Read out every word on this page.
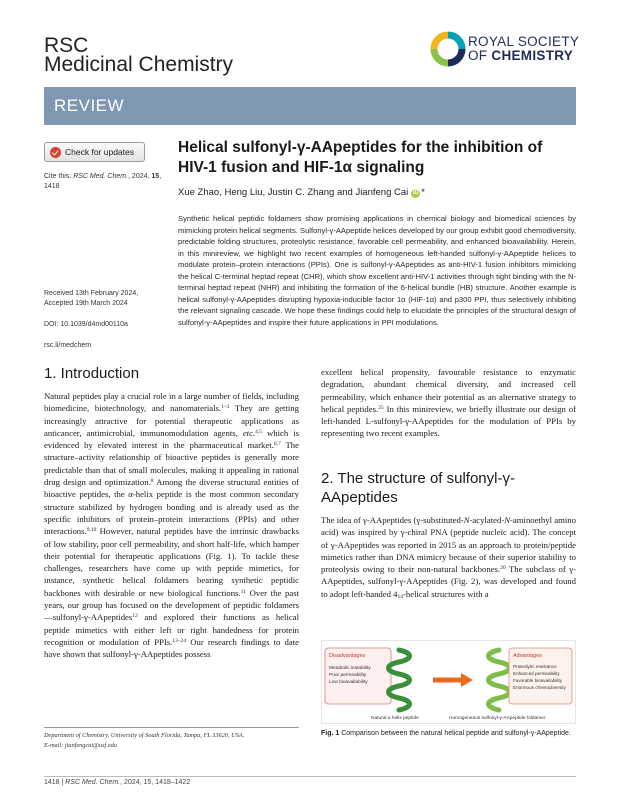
RSC
Medicinal Chemistry
ROYAL SOCIETY
OF CHEMISTRY
REVIEW
Check for updates
Cite this: RSC Med. Chem., 2024, 15, 1418
Received 13th February 2024,
Accepted 19th March 2024
DOI: 10.1039/d4md00110a
rsc.li/medchem
Helical sulfonyl-γ-AApeptides for the inhibition of
HIV-1 fusion and HIF-1α signaling
Xue Zhao, Heng Liu, Justin C. Zhang and Jianfeng Cai iD *
Synthetic helical peptidic foldamers show promising applications in chemical biology and biomedical sciences by mimicking protein helical segments. Sulfonyl-γ-AApeptide helices developed by our group exhibit good chemodiversity, predictable folding structures, proteolytic resistance, favorable cell permeability, and enhanced bioavailability. Herein, in this minireview, we highlight two recent examples of homogeneous left-handed sulfonyl-γ-AApeptide helices to modulate protein–protein interactions (PPIs). One is sulfonyl-γ-AApeptides as anti-HIV-1 fusion inhibitors mimicking the helical C-terminal heptad repeat (CHR), which show excellent anti-HIV-1 activities through tight binding with the N-terminal heptad repeat (NHR) and inhibiting the formation of the 6-helical bundle (HB) structure. Another example is helical sulfonyl-γ-AApeptides disrupting hypoxia-inducible factor 1α (HIF-1α) and p300 PPI, thus selectively inhibiting the relevant signaling cascade. We hope these findings could help to elucidate the principles of the structural design of sulfonyl-γ-AApeptides and inspire their future applications in PPI modulations.
1. Introduction

Natural peptides play a crucial role in a large number of fields, including biomedicine, biotechnology, and nanomaterials.$^{1-3}$ They are getting increasingly attractive for potential therapeutic applications as anticancer, antimicrobial, immunomodulation agents, etc.$^{4,5}$ which is evidenced by elevated interest in the pharmaceutical market.$^{6,7}$ The structure–activity relationship of bioactive peptides is generally more predictable than that of small molecules, making it appealing in rational drug design and optimization.$^8$ Among the diverse structural entities of bioactive peptides, the α-helix peptide is the most common secondary structure stabilized by hydrogen bonding and is already used as the specific inhibitors of protein–protein interactions (PPIs) and other interactions.$^{9,10}$ However, natural peptides have the intrinsic drawbacks of low stability, poor cell permeability, and short half-life, which hamper their potential for therapeutic applications (Fig. 1). To tackle these challenges, researchers have come up with peptide mimetics, for instance, synthetic helical foldamers bearing synthetic peptidic backbones with desirable or new biological functions.$^{11}$ Over the past years, our group has focused on the development of peptidic foldamers—sulfonyl-γ-AApeptides$^{12}$ and explored their functions as helical peptide mimetics with either left or right handedness for protein recognition or modulation of PPIs.$^{13-24}$ Our research findings to date have shown that sulfonyl-γ-AApeptides possess

excellent helical propensity, favourable resistance to enzymatic degradation, abundant chemical diversity, and increased cell permeability, which enhance their potential as an alternative strategy to helical peptides.$^{25}$ In this minireview, we briefly illustrate our design of left-handed L-sulfonyl-γ-AApeptides for the modulation of PPIs by representing two recent examples.

2. The structure of sulfonyl-γ-
AApeptides

The idea of γ-AApeptides (γ-substituted-N-acylated-N-aminoethyl amino acid) was inspired by γ-chiral PNA (peptide nucleic acid). The concept of γ-AApeptides was reported in 2015 as an approach to protein/peptide mimetics rather than DNA mimicry because of their superior stability to proteolysis owing to their non-natural backbones.$^{26}$ The subclass of γ-AApeptides, sulfonyl-γ-AApeptides (Fig. 2), was developed and found to adopt left-handed $4_{14}$-helical structures with a

Disadvantages
Metabolic instability
Poor permeability
Low bioavailability
Advantages
Proteolytic resistance
Enhanced permeability
Favorable bioavailability
Enormous chemodiversity
Natural α helix peptide	Homogeneous sulfonyl-γ-AApeptide foldamer
Fig. 1 Comparison between the natural helical peptide and sulfonyl-γ-AApeptide.
Department of Chemistry, University of South Florida, Tampa, FL 33620, USA.
E-mail: jianfengcai@usf.edu
1418 | RSC Med. Chem., 2024, 15, 1418–1422
